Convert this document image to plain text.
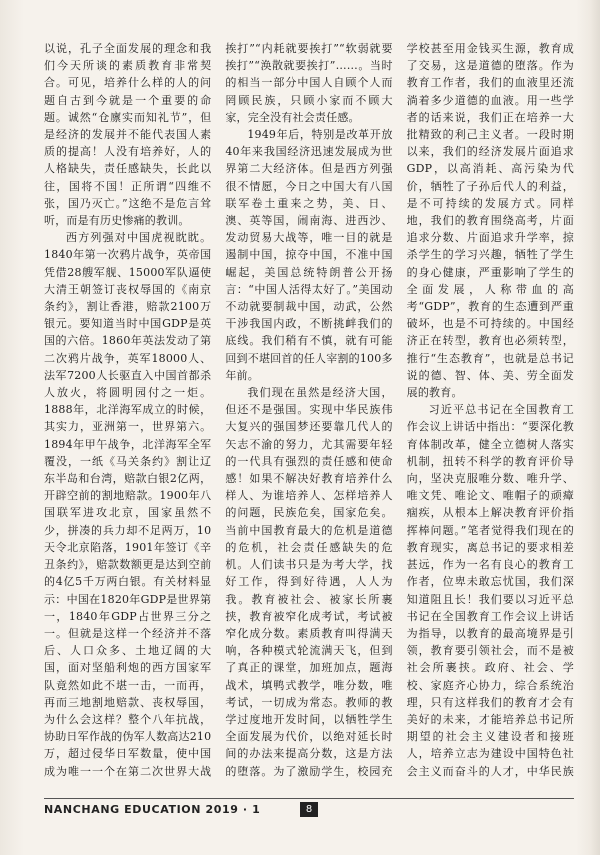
以说，孔子全面发展的理念和我们今天所谈的素质教育非常契合。可见，培养什么样的人的问题自古到今就是一个重要的命题。诚然“仓廪实而知礼节”，但是经济的发展并不能代表国人素质的提高！人没有培养好，人的人格缺失，责任感缺失，长此以往，国将不国！正所谓“四维不张，国乃灭亡。”这绝不是危言耸听，而是有历史惨痛的教训。

西方列强对中国虎视眈眈。1840年第一次鸦片战争，英帝国凭借28艘军舰、15000军队逼使大清王朝签订丧权辱国的《南京条约》，割让香港，赔款2100万银元。要知道当时中国GDP是英国的六倍。1860年英法发动了第二次鸦片战争，英军18000人、法军7200人长驱直入中国首都杀人放火，将圆明园付之一炬。1888年，北洋海军成立的时候，其实力，亚洲第一，世界第六。1894年甲午战争，北洋海军全军覆没，一纸《马关条约》割让辽东半岛和台湾，赔款白银2亿两，开辟空前的割地赔款。1900年八国联军进攻北京，国家虽然不少，拼凑的兵力却不足两万，10天令北京陷落，1901年签订《辛丑条约》，赔款数额更是达到空前的4亿5千万两白银。有关材料显示：中国在1820年GDP是世界第一，1840年GDP占世界三分之一。但就是这样一个经济并不落后、人口众多、土地辽阔的大国，面对坚船利炮的西方国家军队竟然如此不堪一击，一而再，再而三地割地赔款、丧权辱国，为什么会这样？整个八年抗战，协助日军作战的伪军人数高达210万，超过侵华日军数量，使中国成为唯一一个在第二次世界大战

挨打”“内耗就要挨打”“软弱就要挨打”“涣散就要挨打”……。当时的相当一部分中国人自顾个人而罔顾民族，只顾小家而不顾大家，完全没有社会责任感。

1949年后，特别是改革开放40年来我国经济迅速发展成为世界第二大经济体。但是西方列强很不情愿，今日之中国大有八国联军卷土重来之势，美、日、澳、英等国，闹南海、进西沙、发动贸易大战等，唯一目的就是遏制中国，掠夺中国，不准中国崛起，美国总统特朗普公开扬言：“中国人活得太好了。”美国动不动就要制裁中国，动武，公然干涉我国内政，不断挑衅我们的底线。我们稍有不慎，就有可能回到不堪回首的任人宰割的100多年前。

我们现在虽然是经济大国，但还不是强国。实现中华民族伟大复兴的强国梦还要靠几代人的矢志不渝的努力，尤其需要年轻的一代具有强烈的责任感和使命感！如果不解决好教育培养什么样人、为谁培养人、怎样培养人的问题，民族危矣，国家危矣。当前中国教育最大的危机是道德的危机，社会责任感缺失的危机。人们读书只是为考大学，找好工作，得到好待遇，人人为我。教育被社会、被家长所裹挟，教育被窄化成考试，考试被窄化成分数。素质教育叫得满天响，各种模式轮流满天飞，但到了真正的课堂，加班加点，题海战术，填鸭式教学，唯分数，唯考试，一切成为常态。教师的教学过度地开发时间，以牺牲学生全面发展为代价，以绝对延长时间的办法来提高分数，这是方法的堕落。为了激励学生，校园充

学校甚至用金钱买生源，教育成了交易，这是道德的堕落。作为教育工作者，我们的血液里还流淌着多少道德的血液。用一些学者的话来说，我们正在培养一大批精致的利己主义者。一段时期以来，我们的经济发展片面追求GDP，以高消耗、高污染为代价，牺牲了子孙后代人的利益，是不可持续的发展方式。同样地，我们的教育围绕高考，片面追求分数、片面追求升学率，掠杀学生的学习兴趣，牺牲了学生的身心健康，严重影响了学生的全面发展，人称带血的高考“GDP”，教育的生态遭到严重破坏，也是不可持续的。中国经济正在转型，教育也必须转型，推行“生态教育”，也就是总书记说的德、智、体、美、劳全面发展的教育。

习近平总书记在全国教育工作会议上讲话中指出：“要深化教育体制改革，健全立德树人落实机制，扭转不科学的教育评价导向，坚决克服唯分数、唯升学、唯文凭、唯论文、唯帽子的顽瘴痼疾，从根本上解决教育评价指挥棒问题。”笔者觉得我们现在的教育现实，离总书记的要求相差甚远，作为一名有良心的教育工作者，位卑未敢忘忧国，我们深知道阻且长！我们要以习近平总书记在全国教育工作会议上讲话为指导，以教育的最高境界是引领，教育要引领社会，而不是被社会所裹挟。政府、社会、学校、家庭齐心协力，综合系统治理，只有这样我们的教育才会有美好的未来，才能培养总书记所期望的社会主义建设者和接班人，培养立志为建设中国特色社会主义而奋斗的人才，中华民族

NANCHANG EDUCATION 2019 · 1	8
